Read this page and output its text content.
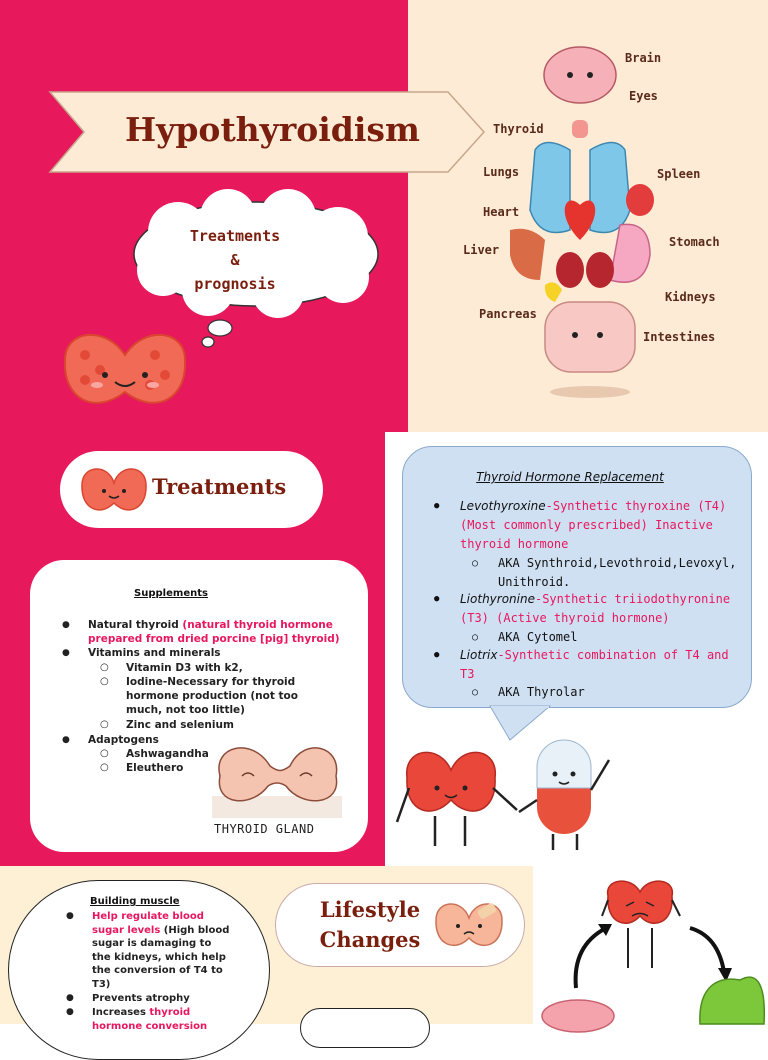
Hypothyroidism
Treatments
&
prognosis
Brain
Eyes
Thyroid
Lungs	Spleen
Heart
Stomach
Liver
Kidneys
Pancreas
Intestines
Treatments
Supplements
● Natural thyroid (natural thyroid hormone prepared from dried porcine [pig] thyroid)
● Vitamins and minerals
○ Vitamin D3 with k2,
○ Iodine-Necessary for thyroid hormone production (not too much, not too little)
○ Zinc and selenium
● Adaptogens
○ Ashwagandha
○ Eleuthero
THYROID GLAND
Thyroid Hormone Replacement
● Levothyroxine-Synthetic thyroxine (T4) (Most commonly prescribed) Inactive thyroid hormone
○ AKA Synthroid,Levothroid,Levoxyl, Unithroid.
● Liothyronine-Synthetic triiodothyronine (T3) (Active thyroid hormone)
○ AKA Cytomel
● Liotrix-Synthetic combination of T4 and T3
○ AKA Thyrolar
Lifestyle
Changes
Building muscle
● Help regulate blood sugar levels (High blood sugar is damaging to the kidneys, which help the conversion of T4 to T3)
● Prevents atrophy
● Increases thyroid hormone conversion
